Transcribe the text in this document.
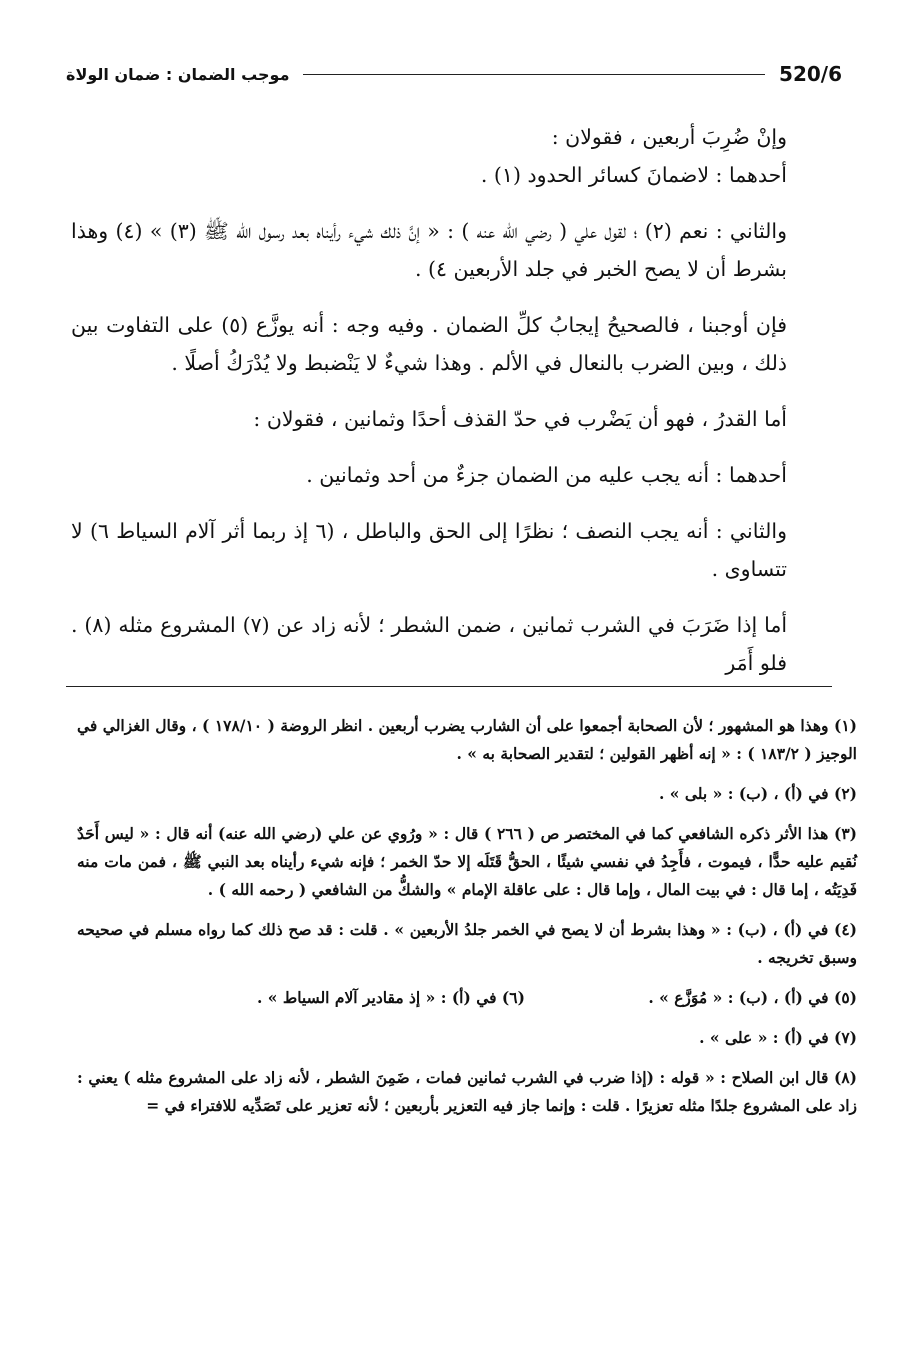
520/6
موجب الضمان : ضمان الولاة

وإنْ ضُرِبَ أربعين ، فقولان :

أحدهما : لاضمانَ كسائر الحدود (١) .

والثاني : نعم (٢) ؛ لقول علي ( رضي الله عنه ) : « إنَّ ذلك شيء رأيناه بعد رسول الله ﷺ (٣) » (٤) وهذا بشرط أن لا يصح الخبر في جلد الأربعين ٤) .

فإن أوجبنا ، فالصحيحُ إيجابُ كلِّ الضمان . وفيه وجه : أنه يوزَّع (٥) على التفاوت بين ذلك ، وبين الضرب بالنعال في الألم . وهذا شيءٌ لا يَنْضبط ولا يُدْرَكُ أصلًا .

أما القدرُ ، فهو أن يَضْرب في حدّ القذف أحدًا وثمانين ، فقولان :

أحدهما : أنه يجب عليه من الضمان جزءٌ من أحد وثمانين .

والثاني : أنه يجب النصف ؛ نظرًا إلى الحق والباطل ، (٦ إذ ربما أثر آلام السياط ٦) لا تتساوى .

أما إذا ضَرَبَ في الشرب ثمانين ، ضمن الشطر ؛ لأنه زاد عن (٧) المشروع مثله (٨) . فلو أَمَر

(١) وهذا هو المشهور ؛ لأن الصحابة أجمعوا على أن الشارب يضرب أربعين . انظر الروضة ( ١٧٨/١٠ ) ، وقال الغزالي في الوجيز ( ١٨٣/٢ ) : « إنه أظهر القولين ؛ لتقدير الصحابة به » .

(٢) في (أ) ، (ب) : « بلى » .

(٣) هذا الأثر ذكره الشافعي كما في المختصر ص ( ٢٦٦ ) قال : « ورُوي عن علي (رضي الله عنه) أنه قال : « ليس أَحَدٌ نُقيم عليه حدًّا ، فيموت ، فأَجِدُ في نفسي شيئًا ، الحقُّ قَتَلَه إلا حدّ الخمر ؛ فإنه شيء رأيناه بعد النبي ﷺ ، فمن مات منه فَدِيَتُه ، إما قال : في بيت المال ، وإما قال : على عاقلة الإمام » والشكُّ من الشافعي ( رحمه الله ) .

(٤) في (أ) ، (ب) : « وهذا بشرط أن لا يصح في الخمر جلدُ الأربعين » . قلت : قد صح ذلك كما رواه مسلم في صحيحه وسبق تخريجه .

(٥) في (أ) ، (ب) : « مُوَزَّع » .
(٦) في (أ) : « إذ مقادير آلام السياط » .

(٧) في (أ) : « على » .

(٨) قال ابن الصلاح : « قوله : (إذا ضرب في الشرب ثمانين فمات ، ضَمِنَ الشطر ، لأنه زاد على المشروع مثله ) يعني : زاد على المشروع جلدًا مثله تعزيرًا . قلت : وإنما جاز فيه التعزير بأربعين ؛ لأنه تعزير على تَصَدِّيه للافتراء في =
